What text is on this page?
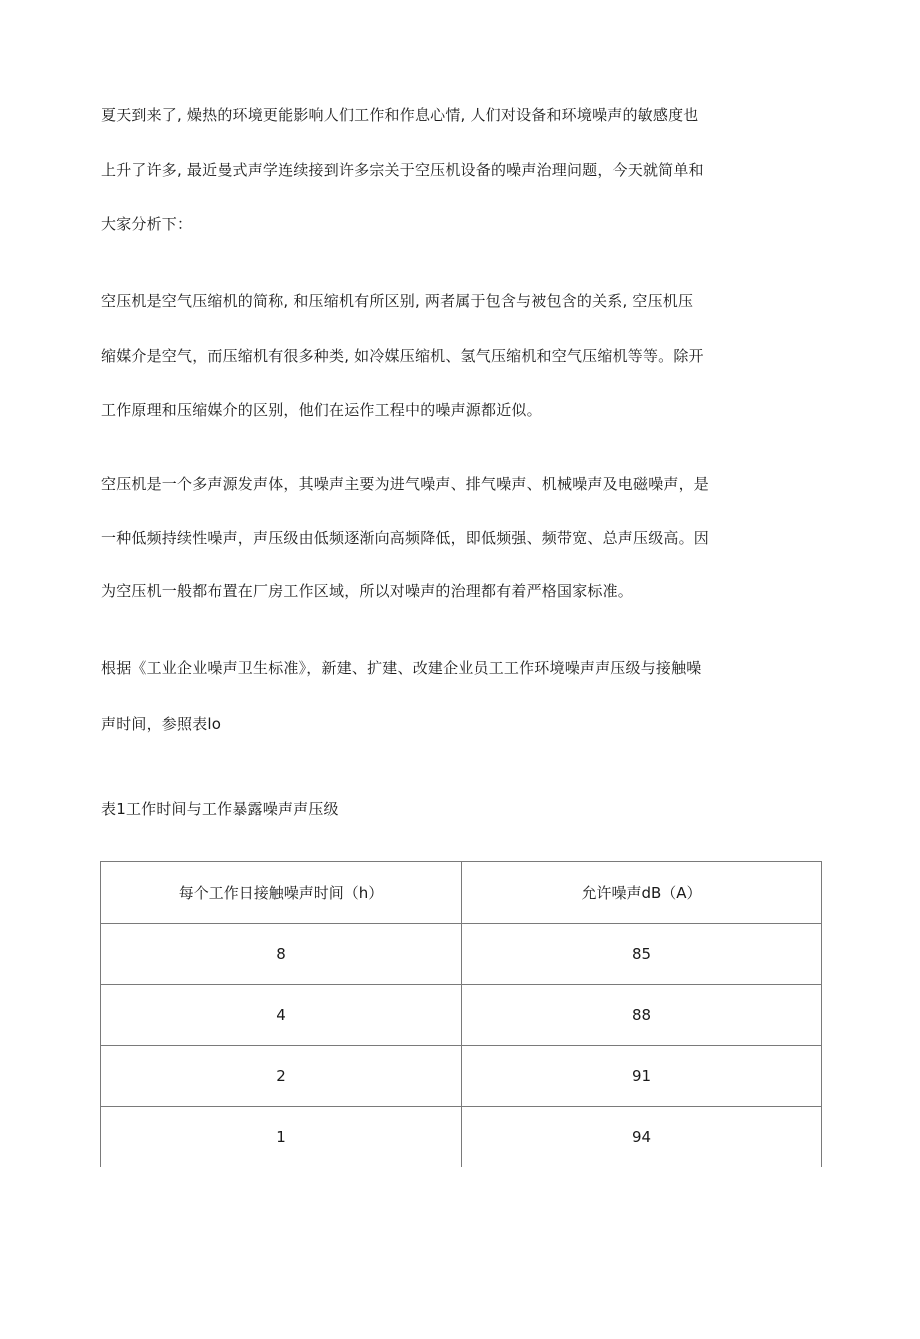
夏天到来了, 燥热的环境更能影响人们工作和作息心情, 人们对设备和环境噪声的敏感度也
上升了许多, 最近曼式声学连续接到许多宗关于空压机设备的噪声治理问题，今天就简单和
大家分析下：
空压机是空气压缩机的简称, 和压缩机有所区别, 两者属于包含与被包含的关系, 空压机压
缩媒介是空气，而压缩机有很多种类, 如冷媒压缩机、氢气压缩机和空气压缩机等等。除开
工作原理和压缩媒介的区别，他们在运作工程中的噪声源都近似。
空压机是一个多声源发声体，其噪声主要为进气噪声、排气噪声、机械噪声及电磁噪声，是
一种低频持续性噪声，声压级由低频逐渐向高频降低，即低频强、频带宽、总声压级高。因
为空压机一般都布置在厂房工作区域，所以对噪声的治理都有着严格国家标准。
根据《工业企业噪声卫生标准》，新建、扩建、改建企业员工工作环境噪声声压级与接触噪
声时间，参照表lo
表1工作时间与工作暴露噪声声压级
每个工作日接触噪声时间（h）	允许噪声dB（A）
8	85
4	88
2	91
1	94
